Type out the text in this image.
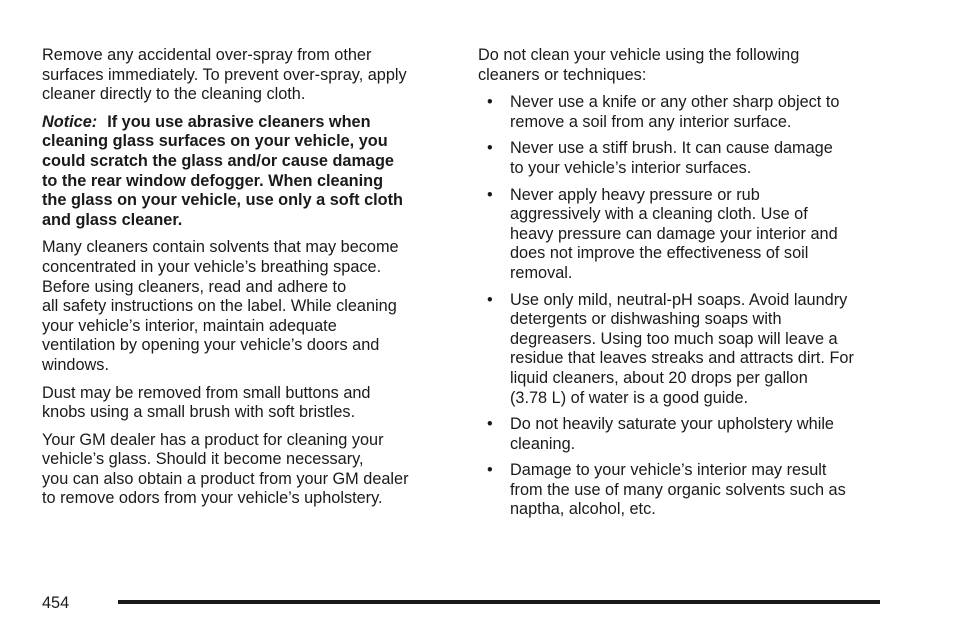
Remove any accidental over-spray from other
surfaces immediately. To prevent over-spray, apply
cleaner directly to the cleaning cloth.

Notice: If you use abrasive cleaners when
cleaning glass surfaces on your vehicle, you
could scratch the glass and/or cause damage
to the rear window defogger. When cleaning
the glass on your vehicle, use only a soft cloth
and glass cleaner.

Many cleaners contain solvents that may become
concentrated in your vehicle’s breathing space.
Before using cleaners, read and adhere to
all safety instructions on the label. While cleaning
your vehicle’s interior, maintain adequate
ventilation by opening your vehicle’s doors and
windows.

Dust may be removed from small buttons and
knobs using a small brush with soft bristles.

Your GM dealer has a product for cleaning your
vehicle’s glass. Should it become necessary,
you can also obtain a product from your GM dealer
to remove odors from your vehicle’s upholstery.

Do not clean your vehicle using the following
cleaners or techniques:

• Never use a knife or any other sharp object to
remove a soil from any interior surface.
• Never use a stiff brush. It can cause damage
to your vehicle’s interior surfaces.
• Never apply heavy pressure or rub
aggressively with a cleaning cloth. Use of
heavy pressure can damage your interior and
does not improve the effectiveness of soil
removal.
• Use only mild, neutral-pH soaps. Avoid laundry
detergents or dishwashing soaps with
degreasers. Using too much soap will leave a
residue that leaves streaks and attracts dirt. For
liquid cleaners, about 20 drops per gallon
(3.78 L) of water is a good guide.
• Do not heavily saturate your upholstery while
cleaning.
• Damage to your vehicle’s interior may result
from the use of many organic solvents such as
naptha, alcohol, etc.
454
